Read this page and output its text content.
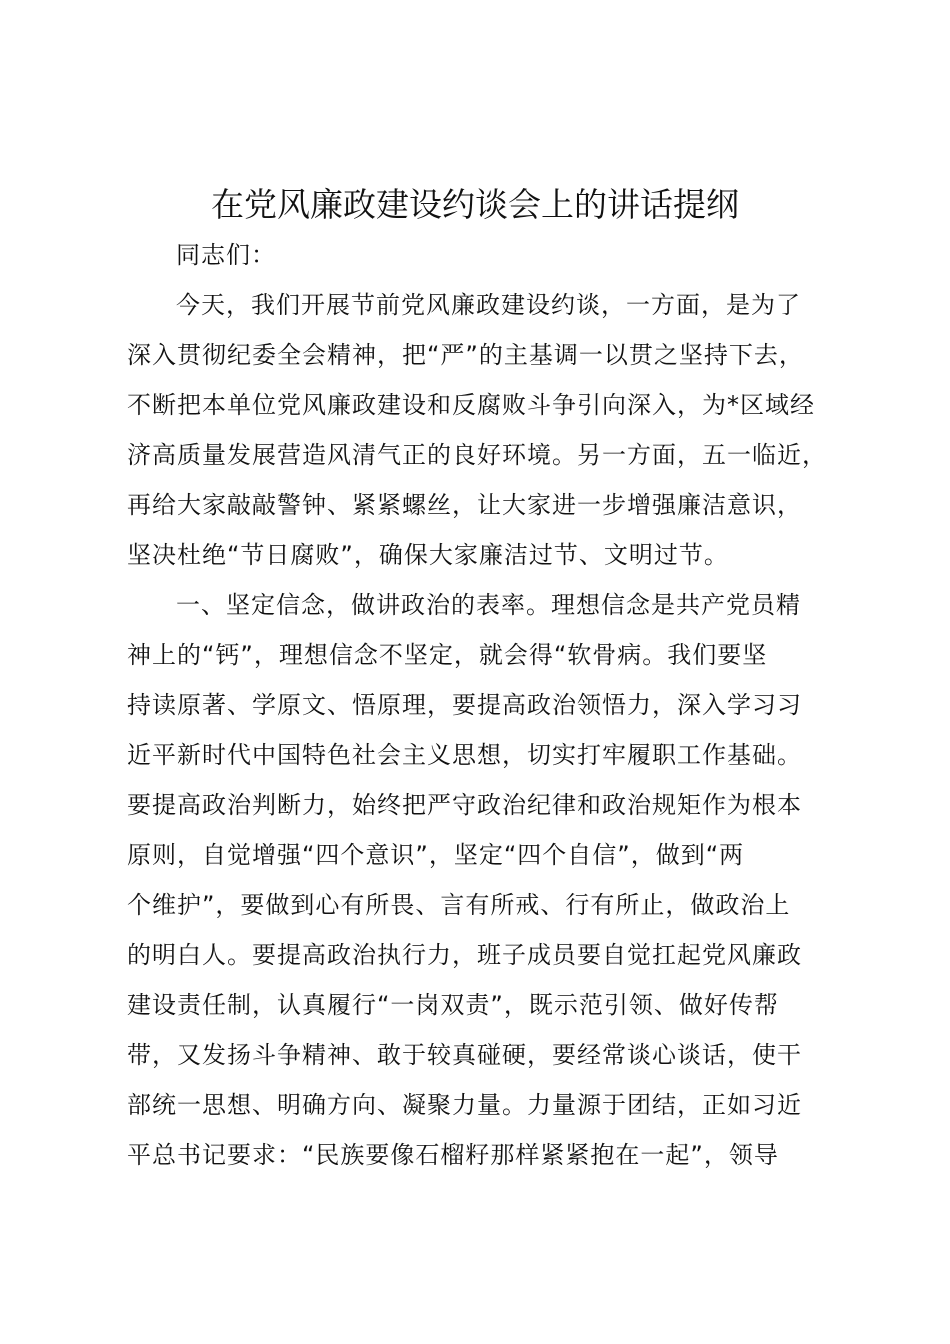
在党风廉政建设约谈会上的讲话提纲
同志们：
今天，我们开展节前党风廉政建设约谈，一方面，是为了
深入贯彻纪委全会精神，把“严”的主基调一以贯之坚持下去，
不断把本单位党风廉政建设和反腐败斗争引向深入，为*区域经
济高质量发展营造风清气正的良好环境。另一方面，五一临近，
再给大家敲敲警钟、紧紧螺丝，让大家进一步增强廉洁意识，
坚决杜绝“节日腐败”，确保大家廉洁过节、文明过节。
一、坚定信念，做讲政治的表率。理想信念是共产党员精
神上的“钙”，理想信念不坚定，就会得“软骨病。我们要坚
持读原著、学原文、悟原理，要提高政治领悟力，深入学习习
近平新时代中国特色社会主义思想，切实打牢履职工作基础。
要提高政治判断力，始终把严守政治纪律和政治规矩作为根本
原则，自觉增强“四个意识”，坚定“四个自信”，做到“两
个维护”，要做到心有所畏、言有所戒、行有所止，做政治上
的明白人。要提高政治执行力，班子成员要自觉扛起党风廉政
建设责任制，认真履行“一岗双责”，既示范引领、做好传帮
带，又发扬斗争精神、敢于较真碰硬，要经常谈心谈话，使干
部统一思想、明确方向、凝聚力量。力量源于团结，正如习近
平总书记要求：“民族要像石榴籽那样紧紧抱在一起”，领导
